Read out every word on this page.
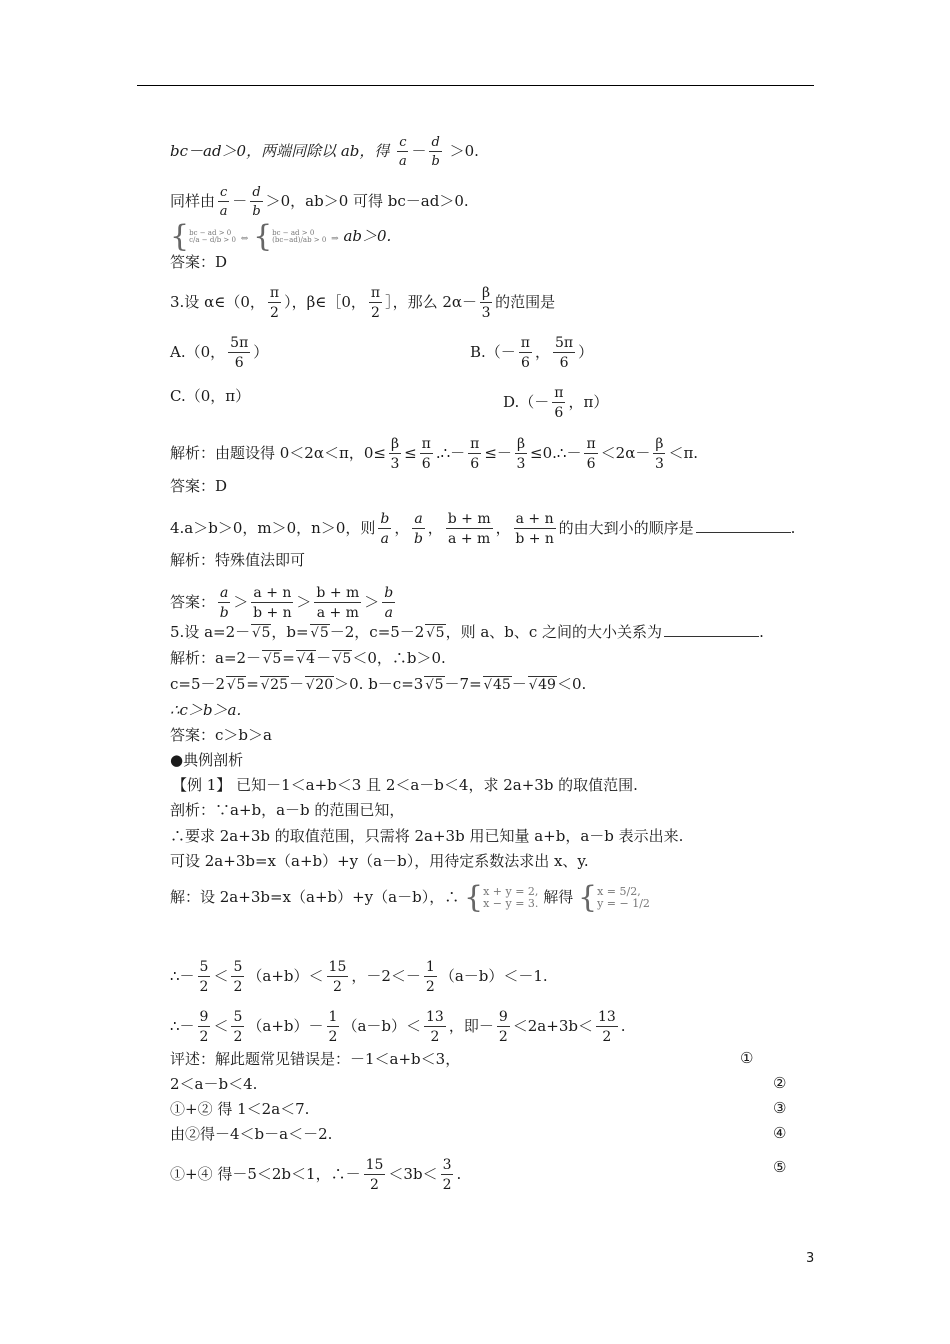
bc－ad＞0，两端同除以 ab，得 $\frac{c}{a} - \frac{d}{b} >0$.
同样由 $\frac{c}{a} - \frac{d}{b} >0$，ab＞0 可得 bc－ad＞0.
{bc − ad > 0
c/a − d/b > 0 ⇔ {bc − ad > 0
(bc−ad)/ab > 0 ⇒ ab＞0.
答案：D
3.设 α∈（0， $\frac{\pi}{2}$ ），β∈［0， $\frac{\pi}{2}$ ］，那么 $2\alpha- \frac{\beta}{3}$ 的范围是
A.（0， $\frac{5\pi}{6}$ ）	$B.(- \frac{\pi}{6}$ ， $\frac{5\pi}{6}$ ）
C.（0，π）	$D.(- \frac{\pi}{6}$ ，π）
解析：由题设得 0＜2α＜π，$0\le \frac{\beta}{3} \le \frac{\pi}{6}$ .∴－ $\frac{\pi}{6} \le- \frac{\beta}{3}$ ≤0.∴－ $\frac{\pi}{6} <2\alpha- \frac{\beta}{3} <\pi$.
答案：D
4.a＞b＞0，m＞0，n＞0，则 $\frac{b}{a}$ ， $\frac{a}{b}$ ， $\frac{b + m}{a + m}$ ， $\frac{a + n}{b + n}$ 的由大到小的顺序是	.
解析：特殊值法即可
答案： $\frac{a}{b} > \frac{a + n}{b + n} > \frac{b + m}{a + m} > \frac{b}{a}$
5.设 a=2－ √ 5，b= √ 5－2，c=5－2 √ 5，则 a、b、c 之间的大小关系为	.
解析：a=2－ √ 5= √ 4－ √ 5＜0，∴b＞0.
c=5－2 √ 5= √ 25－ √ 20＞0. b－c=3 √ 5－7= √ 45－ √ 49＜0.
∴c＞b＞a.
答案：c＞b＞a
●典例剖析
【例 1】 已知－1＜a+b＜3 且 2＜a－b＜4，求 2a+3b 的取值范围.
剖析：∵a+b，a－b 的范围已知，
∴要求 2a+3b 的取值范围，只需将 2a+3b 用已知量 a+b，a－b 表示出来.
可设 2a+3b=x（a+b）+y（a－b），用待定系数法求出 x、y.
解：设 2a+3b=x（a+b）+y（a－b），∴ {x + y = 2,
x − y = 3. 解得 {x = 5/2,
y = − 1/2
∴－ $\frac{5}{2} < \frac{5}{2} (a+b)< \frac{15}{2}$ ，$-2<- \frac{1}{2} (a-b)<-1$.
∴－ $\frac{9}{2} < \frac{5}{2} (a+b)- \frac{1}{2} (a-b)< \frac{13}{2}$ ，即－ $\frac{9}{2} <2a+3b< \frac{13}{2}$ .
评述：解此题常见错误是：－1＜a+b＜3，	①
2＜a－b＜4.	②
①+② 得 1＜2a＜7.	③
由②得－4＜b－a＜－2.	④
①+④ 得－5＜2b＜1，∴－ $\frac{15}{2} <3b< \frac{3}{2}$ .	⑤
3
